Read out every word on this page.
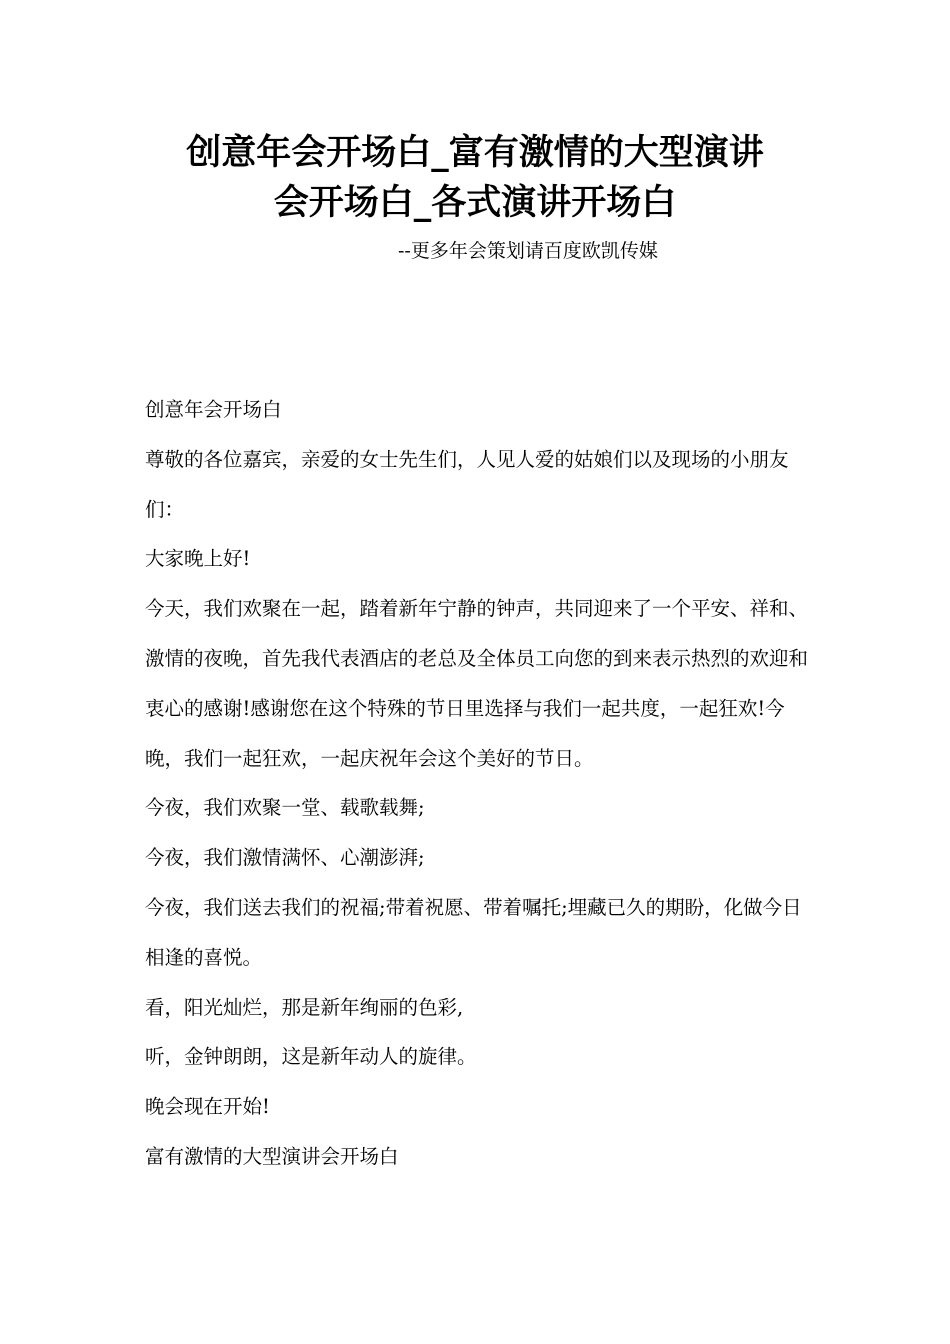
创意年会开场白_富有激情的大型演讲
会开场白_各式演讲开场白
--更多年会策划请百度欧凯传媒

创意年会开场白

尊敬的各位嘉宾，亲爱的女士先生们，人见人爱的姑娘们以及现场的小朋友们：

大家晚上好!

今天，我们欢聚在一起，踏着新年宁静的钟声，共同迎来了一个平安、祥和、激情的夜晚，首先我代表酒店的老总及全体员工向您的到来表示热烈的欢迎和衷心的感谢!感谢您在这个特殊的节日里选择与我们一起共度，一起狂欢!今晚，我们一起狂欢，一起庆祝年会这个美好的节日。

今夜，我们欢聚一堂、载歌载舞;

今夜，我们激情满怀、心潮澎湃;

今夜，我们送去我们的祝福;带着祝愿、带着嘱托;埋藏已久的期盼，化做今日相逢的喜悦。

看，阳光灿烂，那是新年绚丽的色彩,

听，金钟朗朗，这是新年动人的旋律。

晚会现在开始!

富有激情的大型演讲会开场白
